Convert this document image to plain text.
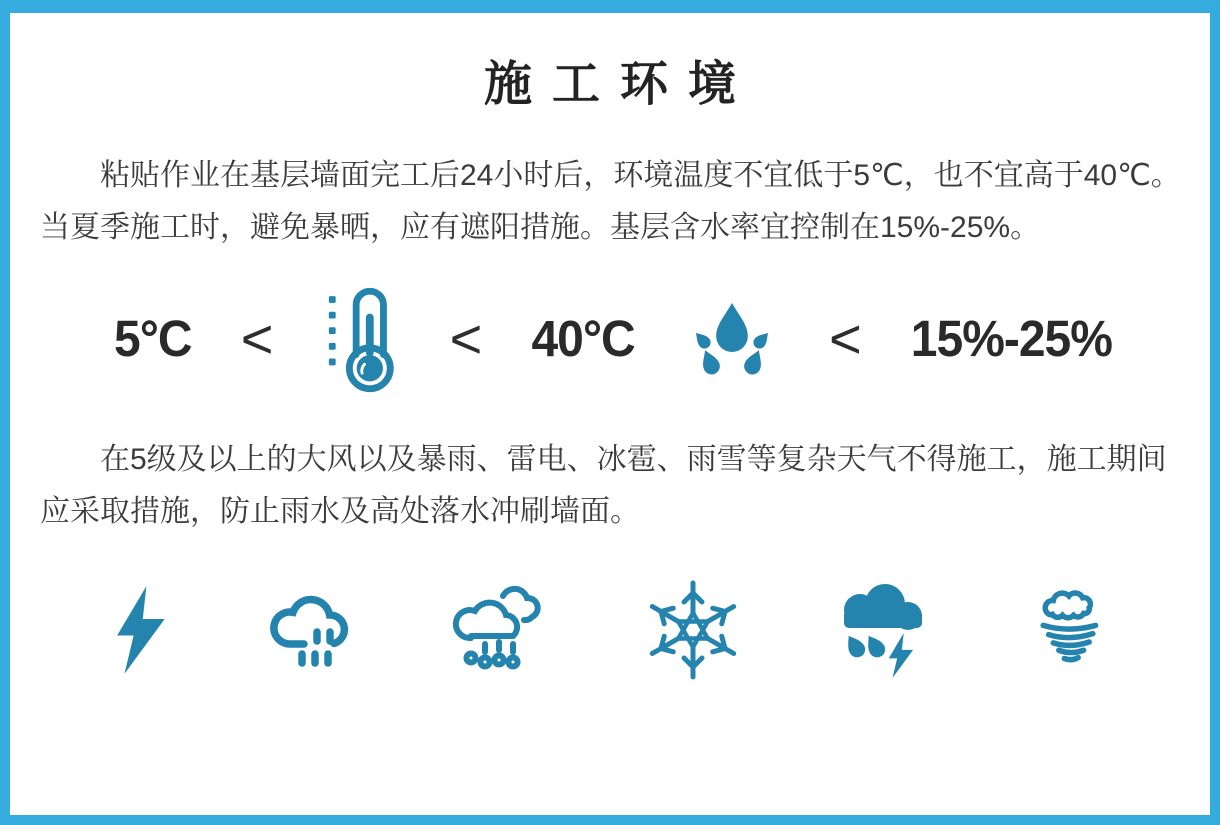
施工环境

粘贴作业在基层墙面完工后24小时后，环境温度不宜低于5℃，也不宜高于40℃。当夏季施工时，避免暴晒，应有遮阳措施。基层含水率宜控制在15%-25%。

5°C <	< 40°C	< 15%-25%

在5级及以上的大风以及暴雨、雷电、冰雹、雨雪等复杂天气不得施工，施工期间应采取措施，防止雨水及高处落水冲刷墙面。
